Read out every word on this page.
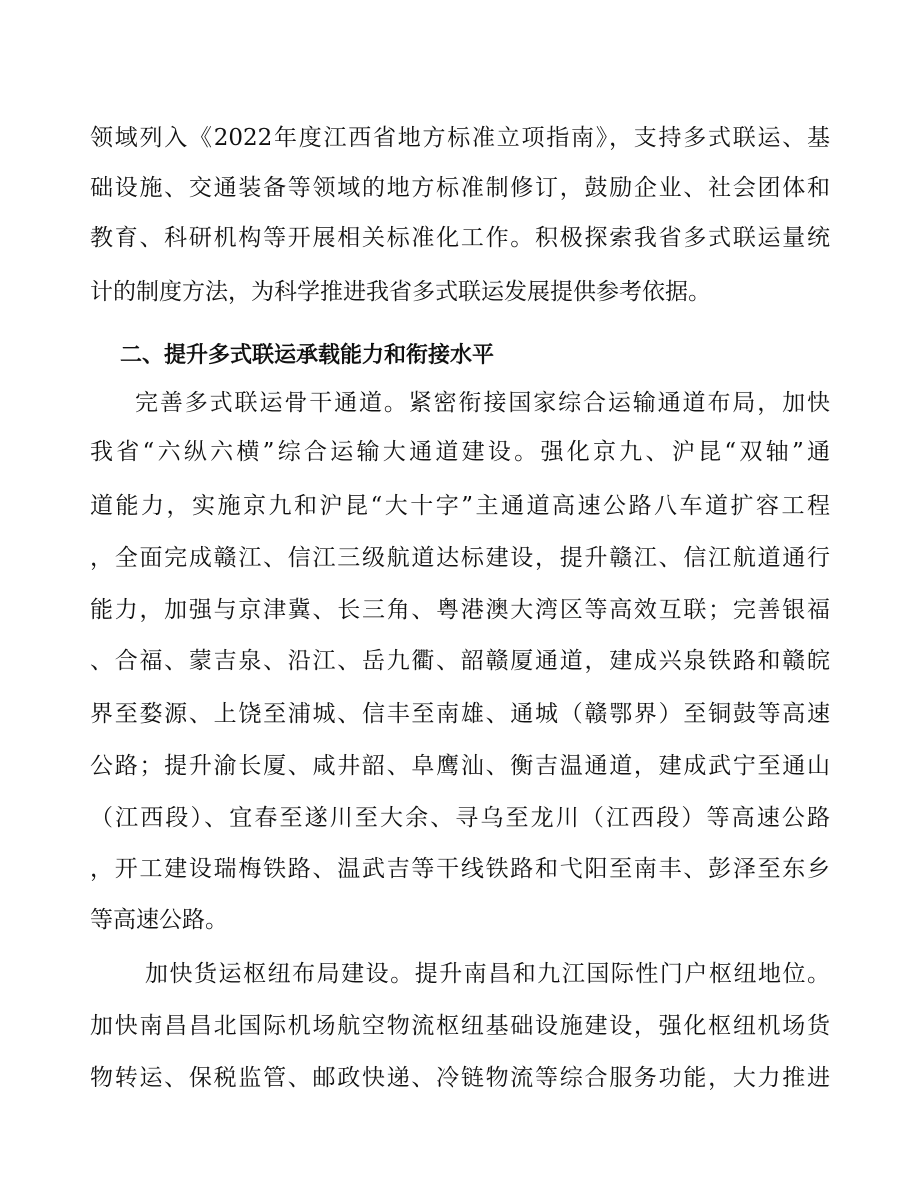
领域列入《2022年度江西省地方标准立项指南》，支持多式联运、基
础设施、交通装备等领域的地方标准制修订，鼓励企业、社会团体和
教育、科研机构等开展相关标准化工作。积极探索我省多式联运量统
计的制度方法，为科学推进我省多式联运发展提供参考依据。
二、提升多式联运承载能力和衔接水平
完善多式联运骨干通道。紧密衔接国家综合运输通道布局，加快
我省“六纵六横”综合运输大通道建设。强化京九、沪昆“双轴”通
道能力，实施京九和沪昆“大十字”主通道高速公路八车道扩容工程
，全面完成赣江、信江三级航道达标建设，提升赣江、信江航道通行
能力，加强与京津冀、长三角、粤港澳大湾区等高效互联；完善银福
、合福、蒙吉泉、沿江、岳九衢、韶赣厦通道，建成兴泉铁路和赣皖
界至婺源、上饶至浦城、信丰至南雄、通城（赣鄂界）至铜鼓等高速
公路；提升渝长厦、咸井韶、阜鹰汕、衡吉温通道，建成武宁至通山
（江西段）、宜春至遂川至大余、寻乌至龙川（江西段）等高速公路
，开工建设瑞梅铁路、温武吉等干线铁路和弋阳至南丰、彭泽至东乡
等高速公路。
加快货运枢纽布局建设。提升南昌和九江国际性门户枢纽地位。
加快南昌昌北国际机场航空物流枢纽基础设施建设，强化枢纽机场货
物转运、保税监管、邮政快递、冷链物流等综合服务功能，大力推进
